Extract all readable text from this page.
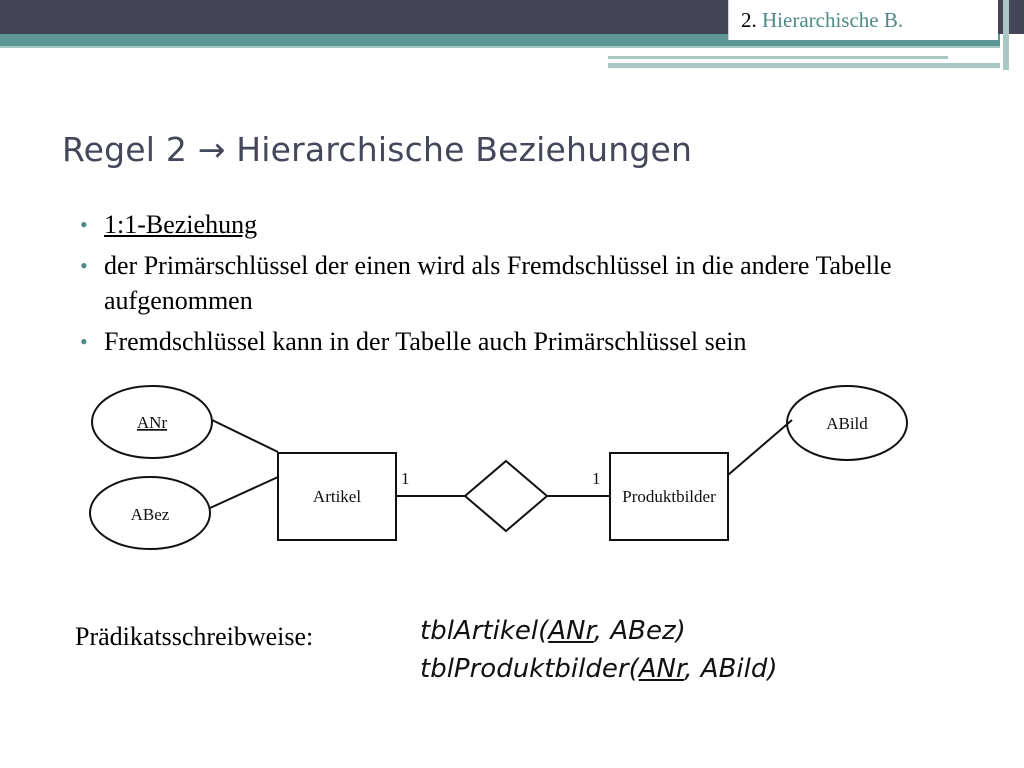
2. Hierarchische B.
Regel 2 → Hierarchische Beziehungen
• 1:1-Beziehung
• der Primärschlüssel der einen wird als Fremdschlüssel in die andere Tabelle aufgenommen
• Fremdschlüssel kann in der Tabelle auch Primärschlüssel sein
ANr
ABez
ABild
Artikel	Produktbilder
1	1
Prädikatsschreibweise:	tblArtikel(ANr, ABez)
tblProduktbilder(ANr, ABild)
